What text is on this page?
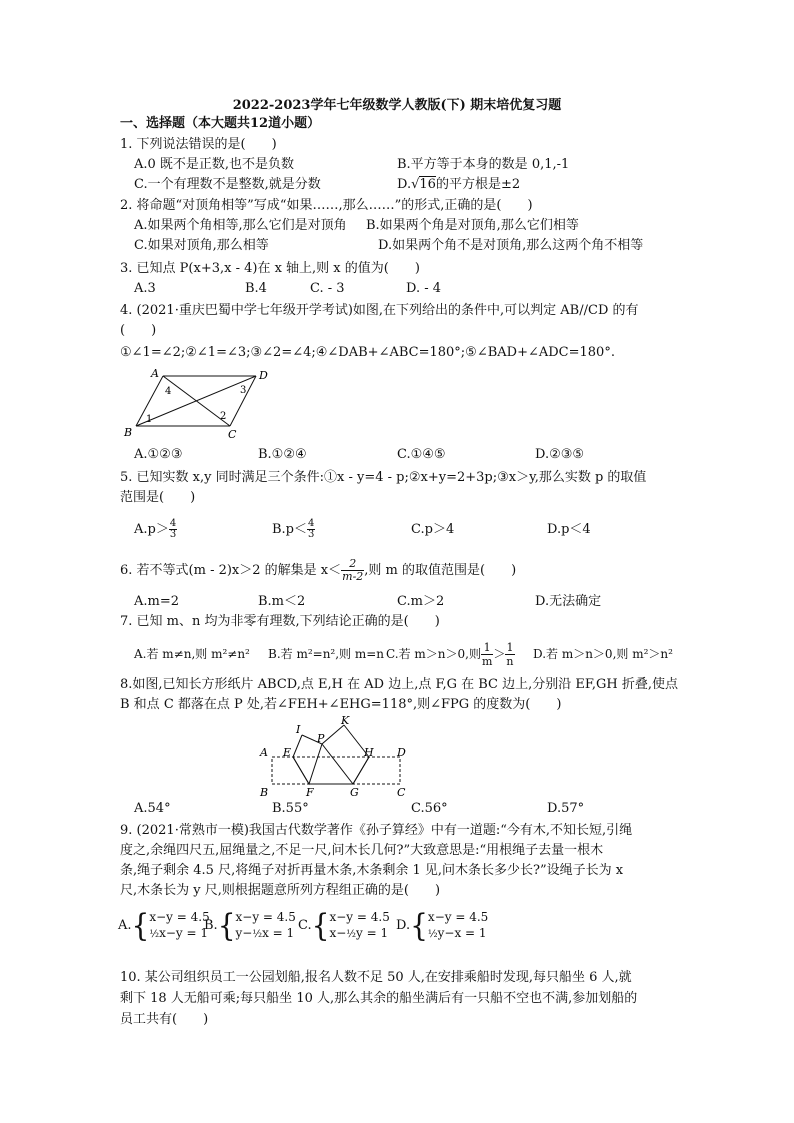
2022-2023学年七年级数学人教版(下) 期末培优复习题
一、选择题（本大题共12道小题）
1. 下列说法错误的是(　　)
A.0 既不是正数,也不是负数	B.平方等于本身的数是 0,1,-1
C.一个有理数不是整数,就是分数	D.√16的平方根是±2
2. 将命题“对顶角相等”写成“如果……,那么……”的形式,正确的是(　　)
A.如果两个角相等,那么它们是对顶角 B.如果两个角是对顶角,那么它们相等
C.如果对顶角,那么相等	D.如果两个角不是对顶角,那么这两个角不相等
3. 已知点 P(x+3,x - 4)在 x 轴上,则 x 的值为(　　)
A.3	B.4	C. - 3	D. - 4
4. (2021·重庆巴蜀中学七年级开学考试)如图,在下列给出的条件中,可以判定 AB//CD 的有
(　　)
①∠1=∠2;②∠1=∠3;③∠2=∠4;④∠DAB+∠ABC=180°;⑤∠BAD+∠ADC=180°.
A	D
B	C
4	3
1	2
A.①②③	B.①②④	C.①④⑤	D.②③⑤
5. 已知实数 x,y 同时满足三个条件:①x - y=4 - p;②x+y=2+3p;③x＞y,那么实数 p 的取值
范围是(　　)
$A.p> \frac{4}{3}$	$B.p< \frac{4}{3}$	C.p＞4	D.p＜4
6. 若不等式(m - 2)x＞2 的解集是 $x< \frac{2}{m-2}$ ,则 m 的取值范围是(　　)
A.m=2	B.m＜2	C.m＞2	D.无法确定
7. 已知 m、n 均为非零有理数,下列结论正确的是(　　)
A.若 m≠n,则 m²≠n² B.若 m²=n²,则 m=n C.若 m＞n＞0,则 $\frac{1}{m} > \frac{1}{n} D$.若 m＞n＞0,则 m²＞n²
8.如图,已知长方形纸片 ABCD,点 E,H 在 AD 边上,点 F,G 在 BC 边上,分别沿 EF,GH 折叠,使点
B 和点 C 都落在点 P 处,若∠FEH+∠EHG=118°,则∠FPG 的度数为(　　)
A E
I
P
K
H D
B	F	G	C
A.54°	B.55°	C.56°	D.57°
9. (2021·常熟市一模)我国古代数学著作《孙子算经》中有一道题:“今有木,不知长短,引绳
度之,余绳四尺五,屈绳量之,不足一尺,问木长几何?”大致意思是:“用根绳子去量一根木
条,绳子剩余 4.5 尺,将绳子对折再量木条,木条剩余 1 见,问木条长多少长?”设绳子长为 x
尺,木条长为 y 尺,则根据题意所列方程组正确的是(　　)
A.{ x−y = 4.5
½x−y = 1
B.{ x−y = 4.5
y−½x = 1 C.{ x−y = 4.5
x−½y = 1 D.{ x−y = 4.5
½y−x = 1
10. 某公司组织员工一公园划船,报名人数不足 50 人,在安排乘船时发现,每只船坐 6 人,就
剩下 18 人无船可乘;每只船坐 10 人,那么其余的船坐满后有一只船不空也不满,参加划船的
员工共有(　　)
